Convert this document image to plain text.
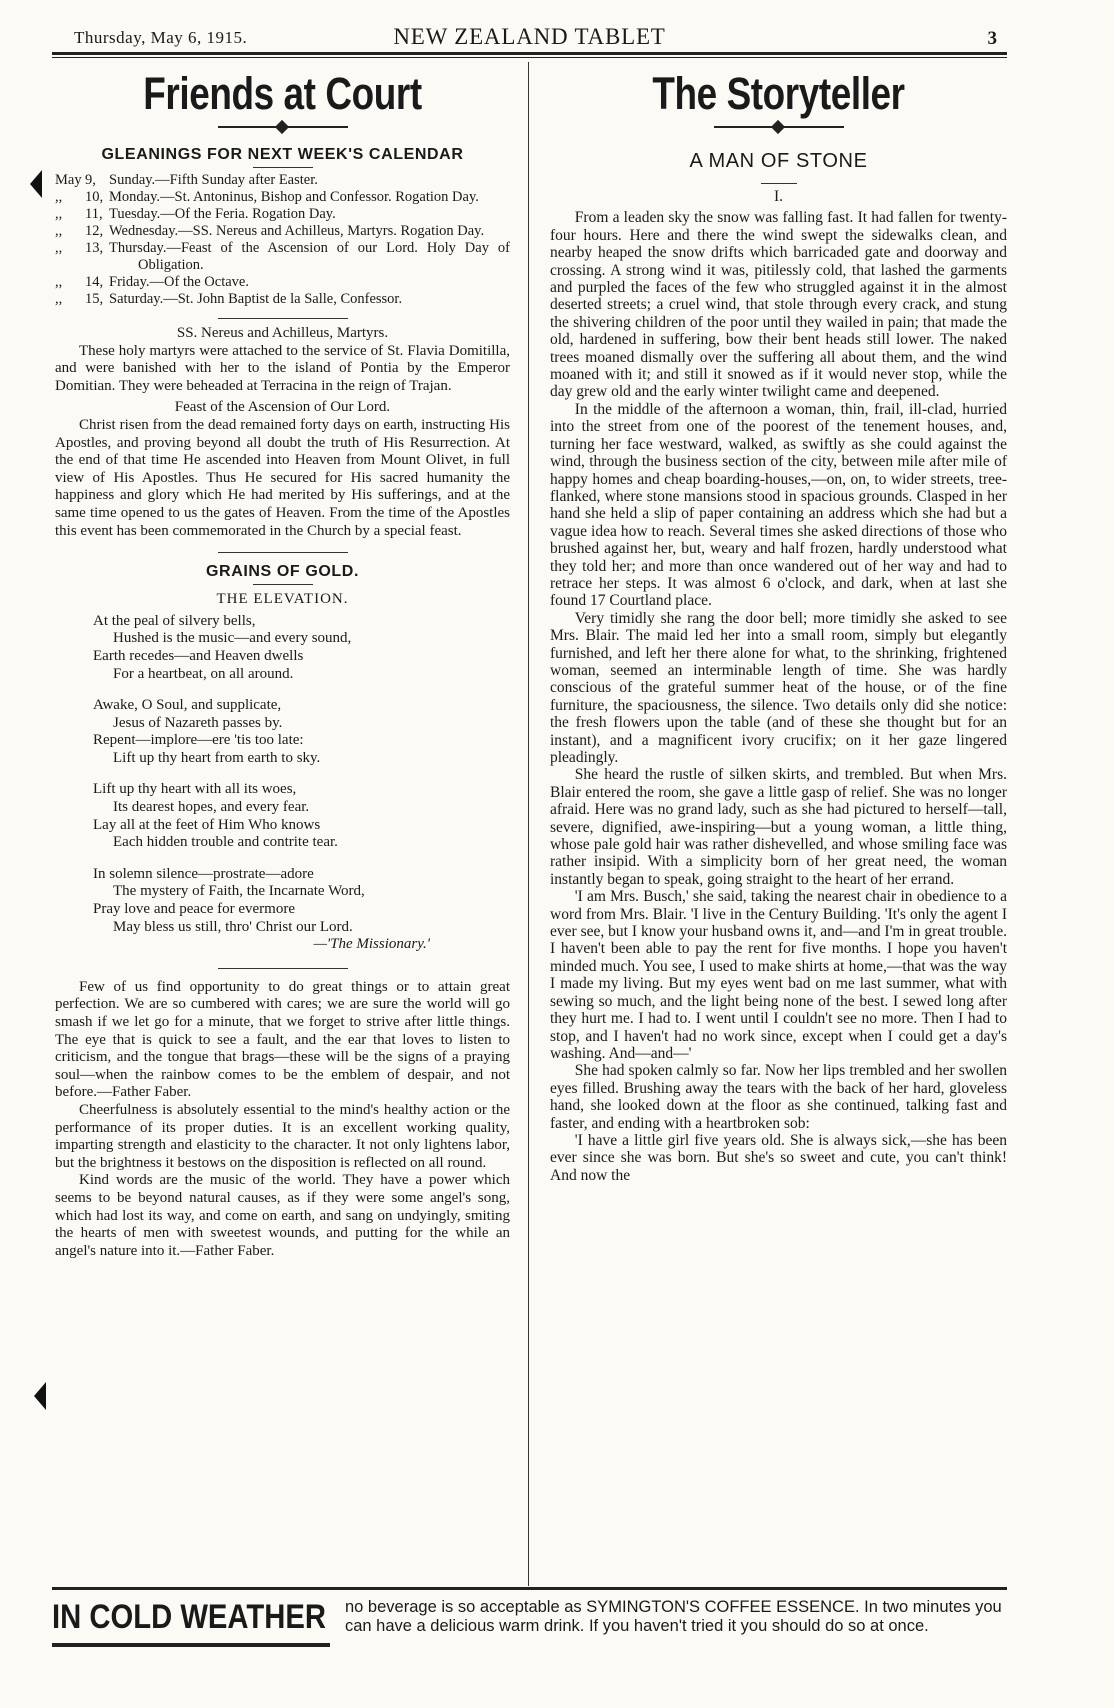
Thursday, May 6, 1915.	NEW ZEALAND TABLET	3
Friends at Court
GLEANINGS FOR NEXT WEEK'S CALENDAR
May 9, Sunday.—Fifth Sunday after Easter.
,,	10, Monday.—St. Antoninus, Bishop and Confessor. Rogation Day.
,,	11, Tuesday.—Of the Feria. Rogation Day.
,,	12, Wednesday.—SS. Nereus and Achilleus, Martyrs. Rogation Day.
,,	13, Thursday.—Feast of the Ascension of our Lord. Holy Day of Obligation.
,,	14, Friday.—Of the Octave.
,,	15, Saturday.—St. John Baptist de la Salle, Confessor.

SS. Nereus and Achilleus, Martyrs.

These holy martyrs were attached to the service of St. Flavia Domitilla, and were banished with her to the island of Pontia by the Emperor Domitian. They were beheaded at Terracina in the reign of Trajan.

Feast of the Ascension of Our Lord.

Christ risen from the dead remained forty days on earth, instructing His Apostles, and proving beyond all doubt the truth of His Resurrection. At the end of that time He ascended into Heaven from Mount Olivet, in full view of His Apostles. Thus He secured for His sacred humanity the happiness and glory which He had merited by His sufferings, and at the same time opened to us the gates of Heaven. From the time of the Apostles this event has been commemorated in the Church by a special feast.

GRAINS OF GOLD.

THE ELEVATION.

At the peal of silvery bells,
Hushed is the music—and every sound,
Earth recedes—and Heaven dwells
For a heartbeat, on all around.
Awake, O Soul, and supplicate,
Jesus of Nazareth passes by.
Repent—implore—ere 'tis too late:
Lift up thy heart from earth to sky.
Lift up thy heart with all its woes,
Its dearest hopes, and every fear.
Lay all at the feet of Him Who knows
Each hidden trouble and contrite tear.
In solemn silence—prostrate—adore
The mystery of Faith, the Incarnate Word,
Pray love and peace for evermore
May bless us still, thro' Christ our Lord.
—'The Missionary.'

Few of us find opportunity to do great things or to attain great perfection. We are so cumbered with cares; we are sure the world will go smash if we let go for a minute, that we forget to strive after little things. The eye that is quick to see a fault, and the ear that loves to listen to criticism, and the tongue that brags—these will be the signs of a praying soul—when the rainbow comes to be the emblem of despair, and not before.—Father Faber.

Cheerfulness is absolutely essential to the mind's healthy action or the performance of its proper duties. It is an excellent working quality, imparting strength and elasticity to the character. It not only lightens labor, but the brightness it bestows on the disposition is reflected on all round.

Kind words are the music of the world. They have a power which seems to be beyond natural causes, as if they were some angel's song, which had lost its way, and come on earth, and sang on undyingly, smiting the hearts of men with sweetest wounds, and putting for the while an angel's nature into it.—Father Faber.

The Storyteller
A MAN OF STONE

I.

From a leaden sky the snow was falling fast. It had fallen for twenty-four hours. Here and there the wind swept the sidewalks clean, and nearby heaped the snow drifts which barricaded gate and doorway and crossing. A strong wind it was, pitilessly cold, that lashed the garments and purpled the faces of the few who struggled against it in the almost deserted streets; a cruel wind, that stole through every crack, and stung the shivering children of the poor until they wailed in pain; that made the old, hardened in suffering, bow their bent heads still lower. The naked trees moaned dismally over the suffering all about them, and the wind moaned with it; and still it snowed as if it would never stop, while the day grew old and the early winter twilight came and deepened.

In the middle of the afternoon a woman, thin, frail, ill-clad, hurried into the street from one of the poorest of the tenement houses, and, turning her face westward, walked, as swiftly as she could against the wind, through the business section of the city, between mile after mile of happy homes and cheap boarding-houses,—on, on, to wider streets, tree-flanked, where stone mansions stood in spacious grounds. Clasped in her hand she held a slip of paper containing an address which she had but a vague idea how to reach. Several times she asked directions of those who brushed against her, but, weary and half frozen, hardly understood what they told her; and more than once wandered out of her way and had to retrace her steps. It was almost 6 o'clock, and dark, when at last she found 17 Courtland place.

Very timidly she rang the door bell; more timidly she asked to see Mrs. Blair. The maid led her into a small room, simply but elegantly furnished, and left her there alone for what, to the shrinking, frightened woman, seemed an interminable length of time. She was hardly conscious of the grateful summer heat of the house, or of the fine furniture, the spaciousness, the silence. Two details only did she notice: the fresh flowers upon the table (and of these she thought but for an instant), and a magnificent ivory crucifix; on it her gaze lingered pleadingly.

She heard the rustle of silken skirts, and trembled. But when Mrs. Blair entered the room, she gave a little gasp of relief. She was no longer afraid. Here was no grand lady, such as she had pictured to herself—tall, severe, dignified, awe-inspiring—but a young woman, a little thing, whose pale gold hair was rather dishevelled, and whose smiling face was rather insipid. With a simplicity born of her great need, the woman instantly began to speak, going straight to the heart of her errand.

'I am Mrs. Busch,' she said, taking the nearest chair in obedience to a word from Mrs. Blair. 'I live in the Century Building. 'It's only the agent I ever see, but I know your husband owns it, and—and I'm in great trouble. I haven't been able to pay the rent for five months. I hope you haven't minded much. You see, I used to make shirts at home,—that was the way I made my living. But my eyes went bad on me last summer, what with sewing so much, and the light being none of the best. I sewed long after they hurt me. I had to. I went until I couldn't see no more. Then I had to stop, and I haven't had no work since, except when I could get a day's washing. And—and—'

She had spoken calmly so far. Now her lips trembled and her swollen eyes filled. Brushing away the tears with the back of her hard, gloveless hand, she looked down at the floor as she continued, talking fast and faster, and ending with a heartbroken sob:

'I have a little girl five years old. She is always sick,—she has been ever since she was born. But she's so sweet and cute, you can't think! And now the

IN COLD WEATHER no beverage is so acceptable as SYMINGTON'S COFFEE ESSENCE. In two minutes you can have a delicious warm drink. If you haven't tried it you should do so at once.
